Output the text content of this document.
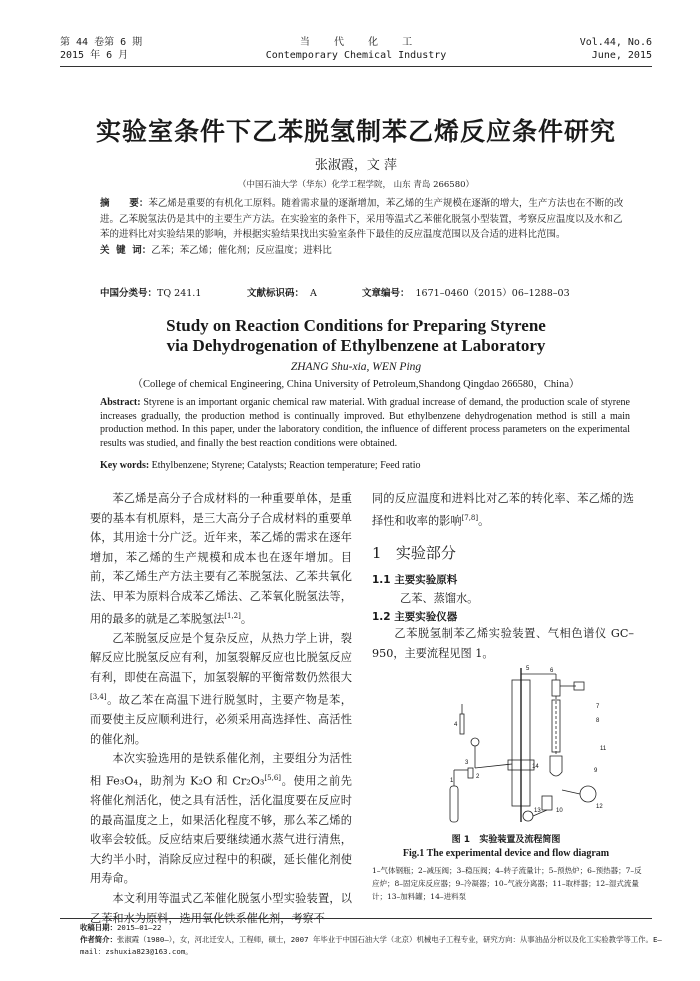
第 44 卷第 6 期
2015 年 6 月
当    代    化    工
Contemporary Chemical Industry
Vol.44, No.6
June, 2015
实验室条件下乙苯脱氢制苯乙烯反应条件研究
张淑霞，文 萍
（中国石油大学（华东）化学工程学院， 山东 青岛 266580）
摘      要：苯乙烯是重要的有机化工原料。随着需求量的逐渐增加，苯乙烯的生产规模在逐渐的增大，生产方法也在不断的改进。乙苯脱氢法仍是其中的主要生产方法。在实验室的条件下，采用等温式乙苯催化脱氢小型装置，考察反应温度以及水和乙苯的进料比对实验结果的影响，并根据实验结果找出实验室条件下最佳的反应温度范围以及合适的进料比范围。
关  键  词：乙苯；苯乙烯；催化剂；反应温度；进料比
中国分类号：TQ 241.1	文献标识码： A	文章编号： 1671–0460（2015）06–1288–03
Study on Reaction Conditions for Preparing Styrene
via Dehydrogenation of Ethylbenzene at Laboratory
ZHANG Shu-xia, WEN Ping
（College of chemical Engineering, China University of Petroleum,Shandong Qingdao 266580，China）
Abstract: Styrene is an important organic chemical raw material. With gradual increase of demand, the production scale of styrene increases gradually, the production method is continually improved. But ethylbenzene dehydrogenation method is still a main production method. In this paper, under the laboratory condition, the influence of different process parameters on the experimental results was studied, and finally the best reaction conditions were obtained.
Key words: Ethylbenzene; Styrene; Catalysts; Reaction temperature; Feed ratio

苯乙烯是高分子合成材料的一种重要单体，是重要的基本有机原料，是三大高分子合成材料的重要单体，其用途十分广泛。近年来，苯乙烯的需求在逐年增加，苯乙烯的生产规模和成本也在逐年增加。目前，苯乙烯生产方法主要有乙苯脱氢法、乙苯共氧化法、甲苯为原料合成苯乙烯法、乙苯氧化脱氢法等，用的最多的就是乙苯脱氢法[1,2]。

乙苯脱氢反应是个复杂反应，从热力学上讲，裂解反应比脱氢反应有利，加氢裂解反应也比脱氢反应有利，即使在高温下，加氢裂解的平衡常数仍然很大[3,4]。故乙苯在高温下进行脱氢时，主要产物是苯，而要使主反应顺利进行，必须采用高选择性、高活性的催化剂。

本次实验选用的是铁系催化剂，主要组分为活性相 Fe₃O₄，助剂为 K₂O 和 Cr₂O₃[5,6]。使用之前先将催化剂活化，使之具有活性，活化温度要在反应时的最高温度之上，如果活化程度不够，那么苯乙烯的收率会较低。反应结束后要继续通水蒸气进行清焦，大约半小时，消除反应过程中的积碳，延长催化剂使用寿命。

本文利用等温式乙苯催化脱氢小型实验装置，以乙苯和水为原料，选用氧化铁系催化剂，考察不

同的反应温度和进料比对乙苯的转化率、苯乙烯的选择性和收率的影响[7,8]。

1   实验部分
1.1 主要实验原料
乙苯、蒸馏水。
1.2 主要实验仪器
乙苯脱氢制苯乙烯实验装置、气相色谱仪 GC–950，主要流程见图 1。
1
2
3
4
5	6
7
8
9
10
11
12
13
14
图 1   实验装置及流程简图
Fig.1 The experimental device and flow diagram
1–气体钢瓶；2–减压阀；3–稳压阀；4–转子流量计；5–预热炉；6–预热器；7–反应炉；8–固定床反应器；9–冷凝器；10–气液分离器；11–取样器；12–湿式流量计；13–加料罐；14–进料泵
收稿日期：2015–01–22
作者简介：张淑霞（1980–），女，河北迁安人，工程师，硕士，2007 年毕业于中国石油大学（北京）机械电子工程专业，研究方向：从事油品分析以及化工实验教学等工作。E–mail：zshuxia823@163.com。
